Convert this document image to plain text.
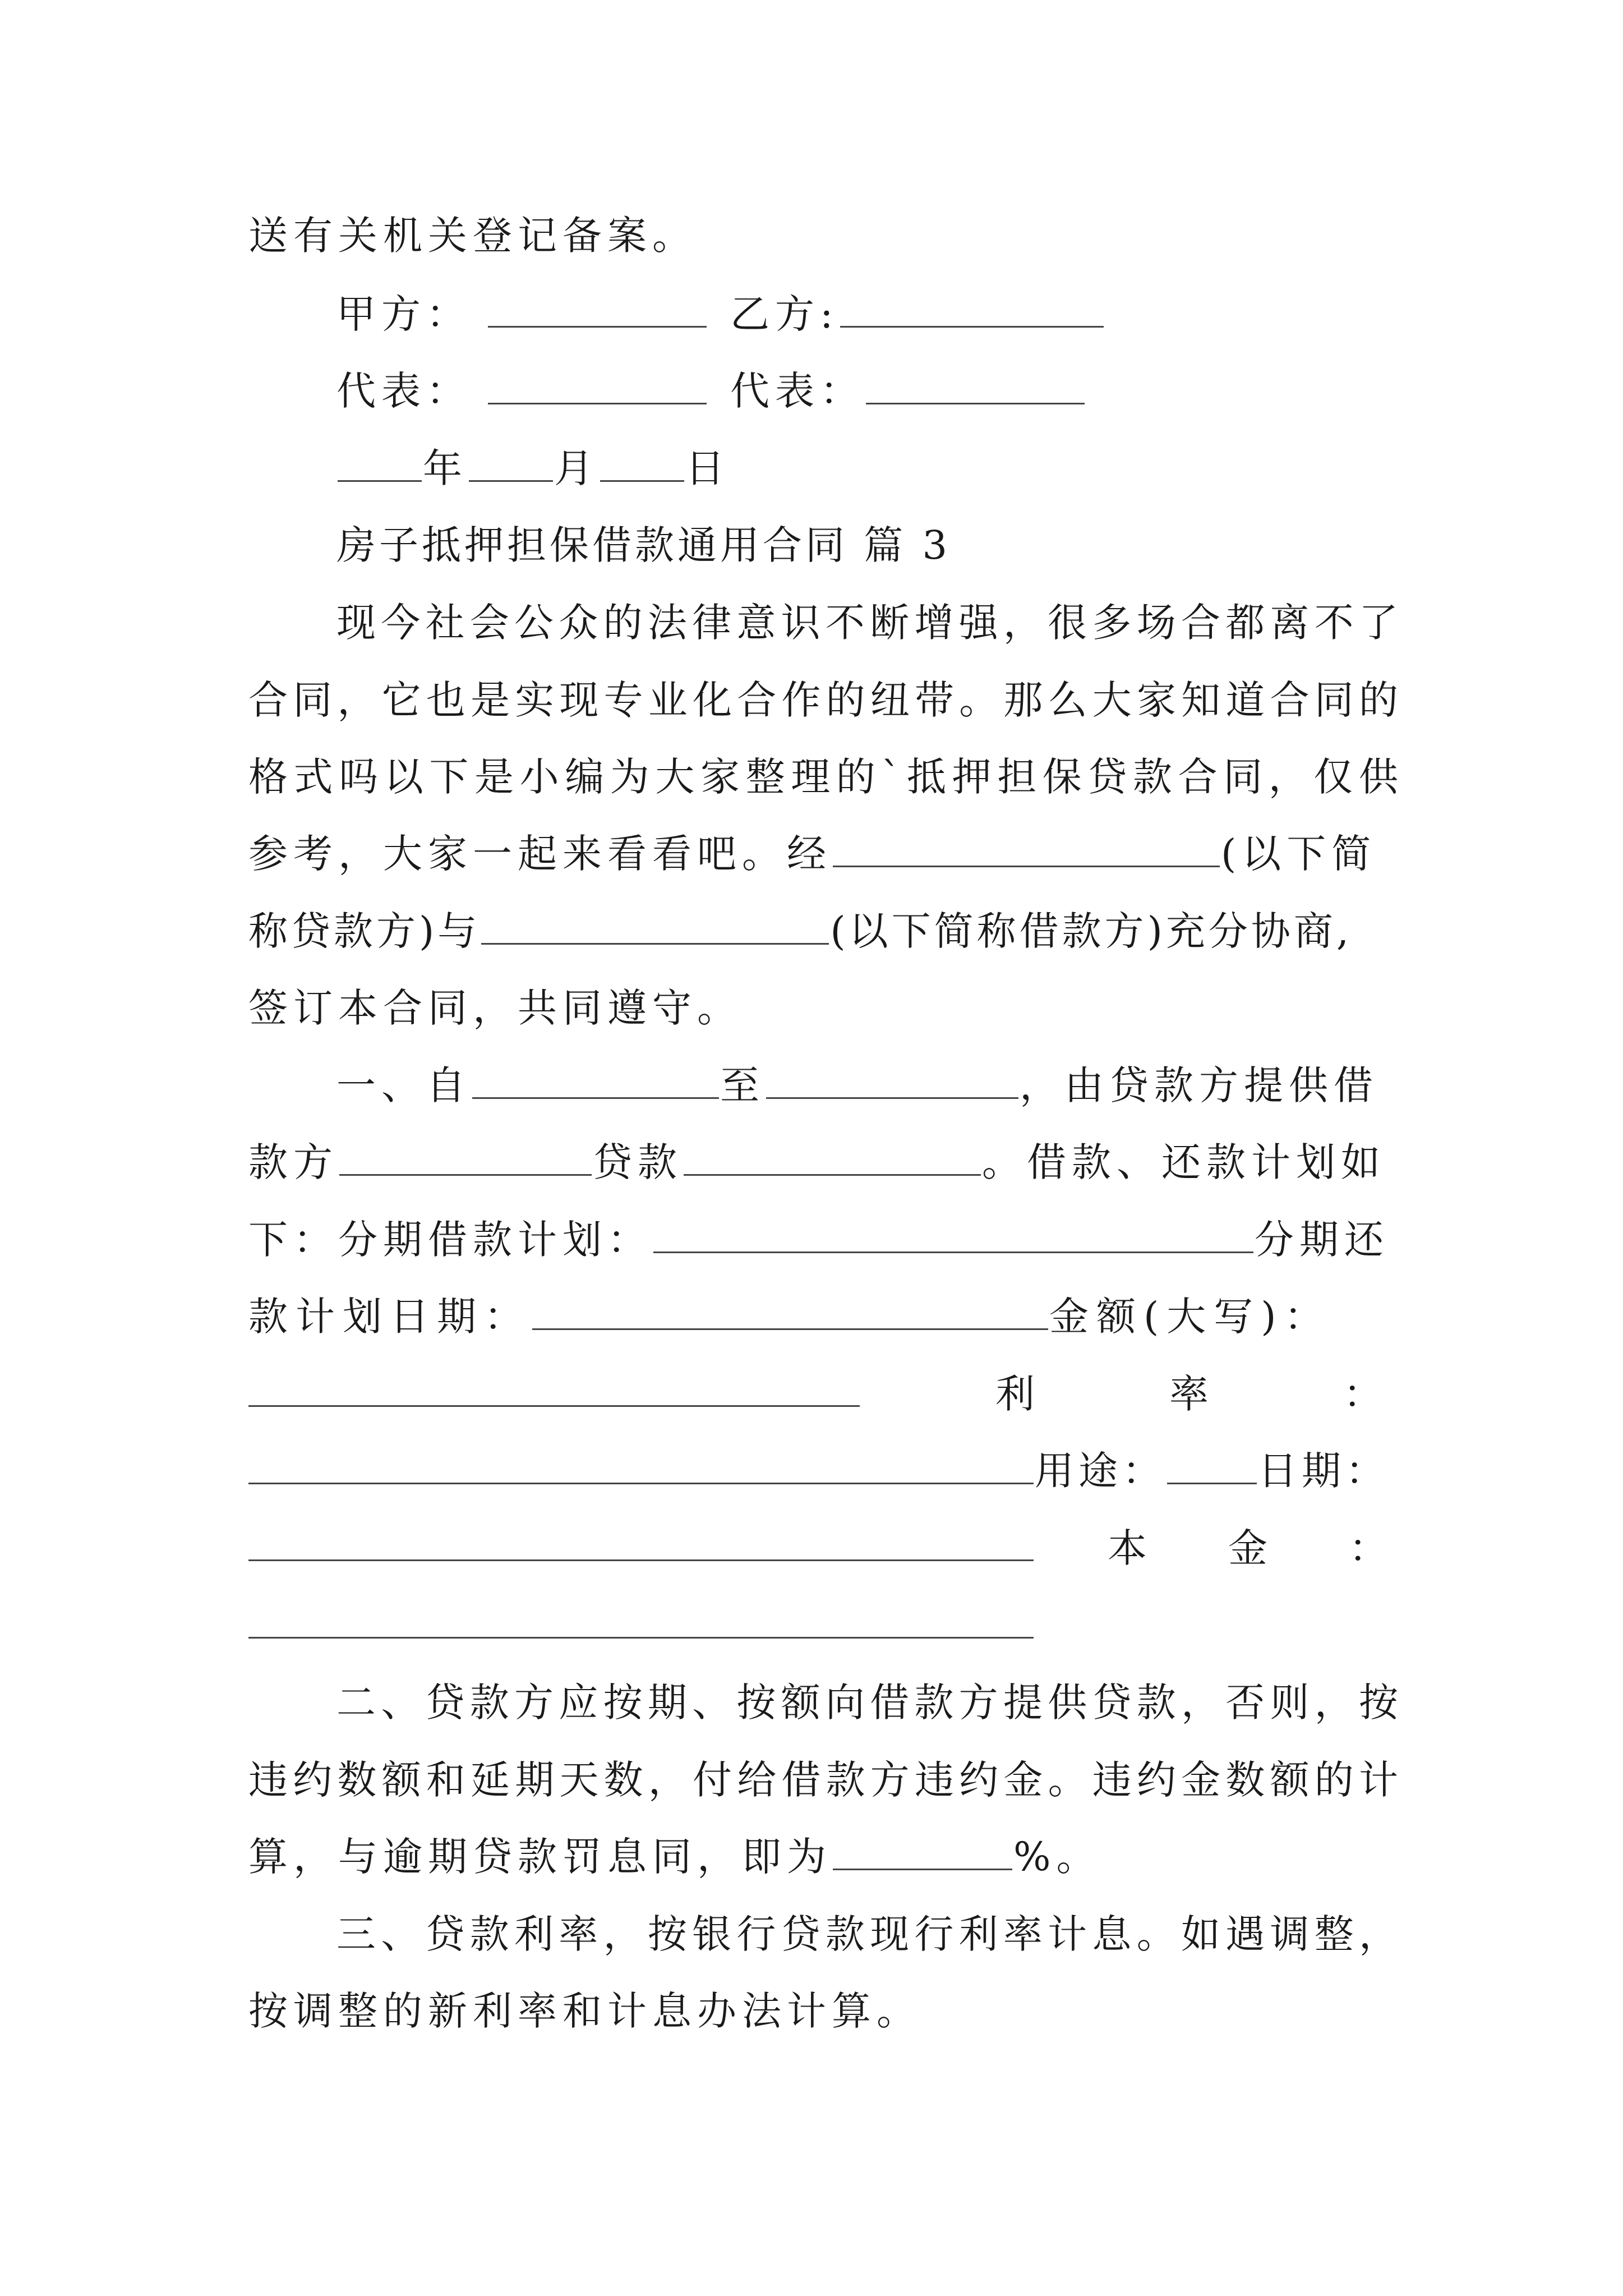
送有关机关登记备案。
甲方：	乙方:
代表：	代表：
年 月 日
房子抵押担保借款通用合同 篇 3
现今社会公众的法律意识不断增强，很多场合都离不了
合同，它也是实现专业化合作的纽带。那么大家知道合同的
格式吗以下是小编为大家整理的`抵押担保贷款合同，仅供
参考，大家一起来看看吧。经	(以下简
称贷款方)与	(以下简称借款方)充分协商,
签订本合同，共同遵守。
一、自	至	，由贷款方提供借
款方	贷款	。借款、还款计划如
下：分期借款计划：	分期还
款计划日期：	金额(大写)：
利	率	：
用途： 日期：
本 金 ：
二、贷款方应按期、按额向借款方提供贷款，否则，按
违约数额和延期天数，付给借款方违约金。违约金数额的计
算，与逾期贷款罚息同，即为	%。
三、贷款利率，按银行贷款现行利率计息。如遇调整，
按调整的新利率和计息办法计算。
